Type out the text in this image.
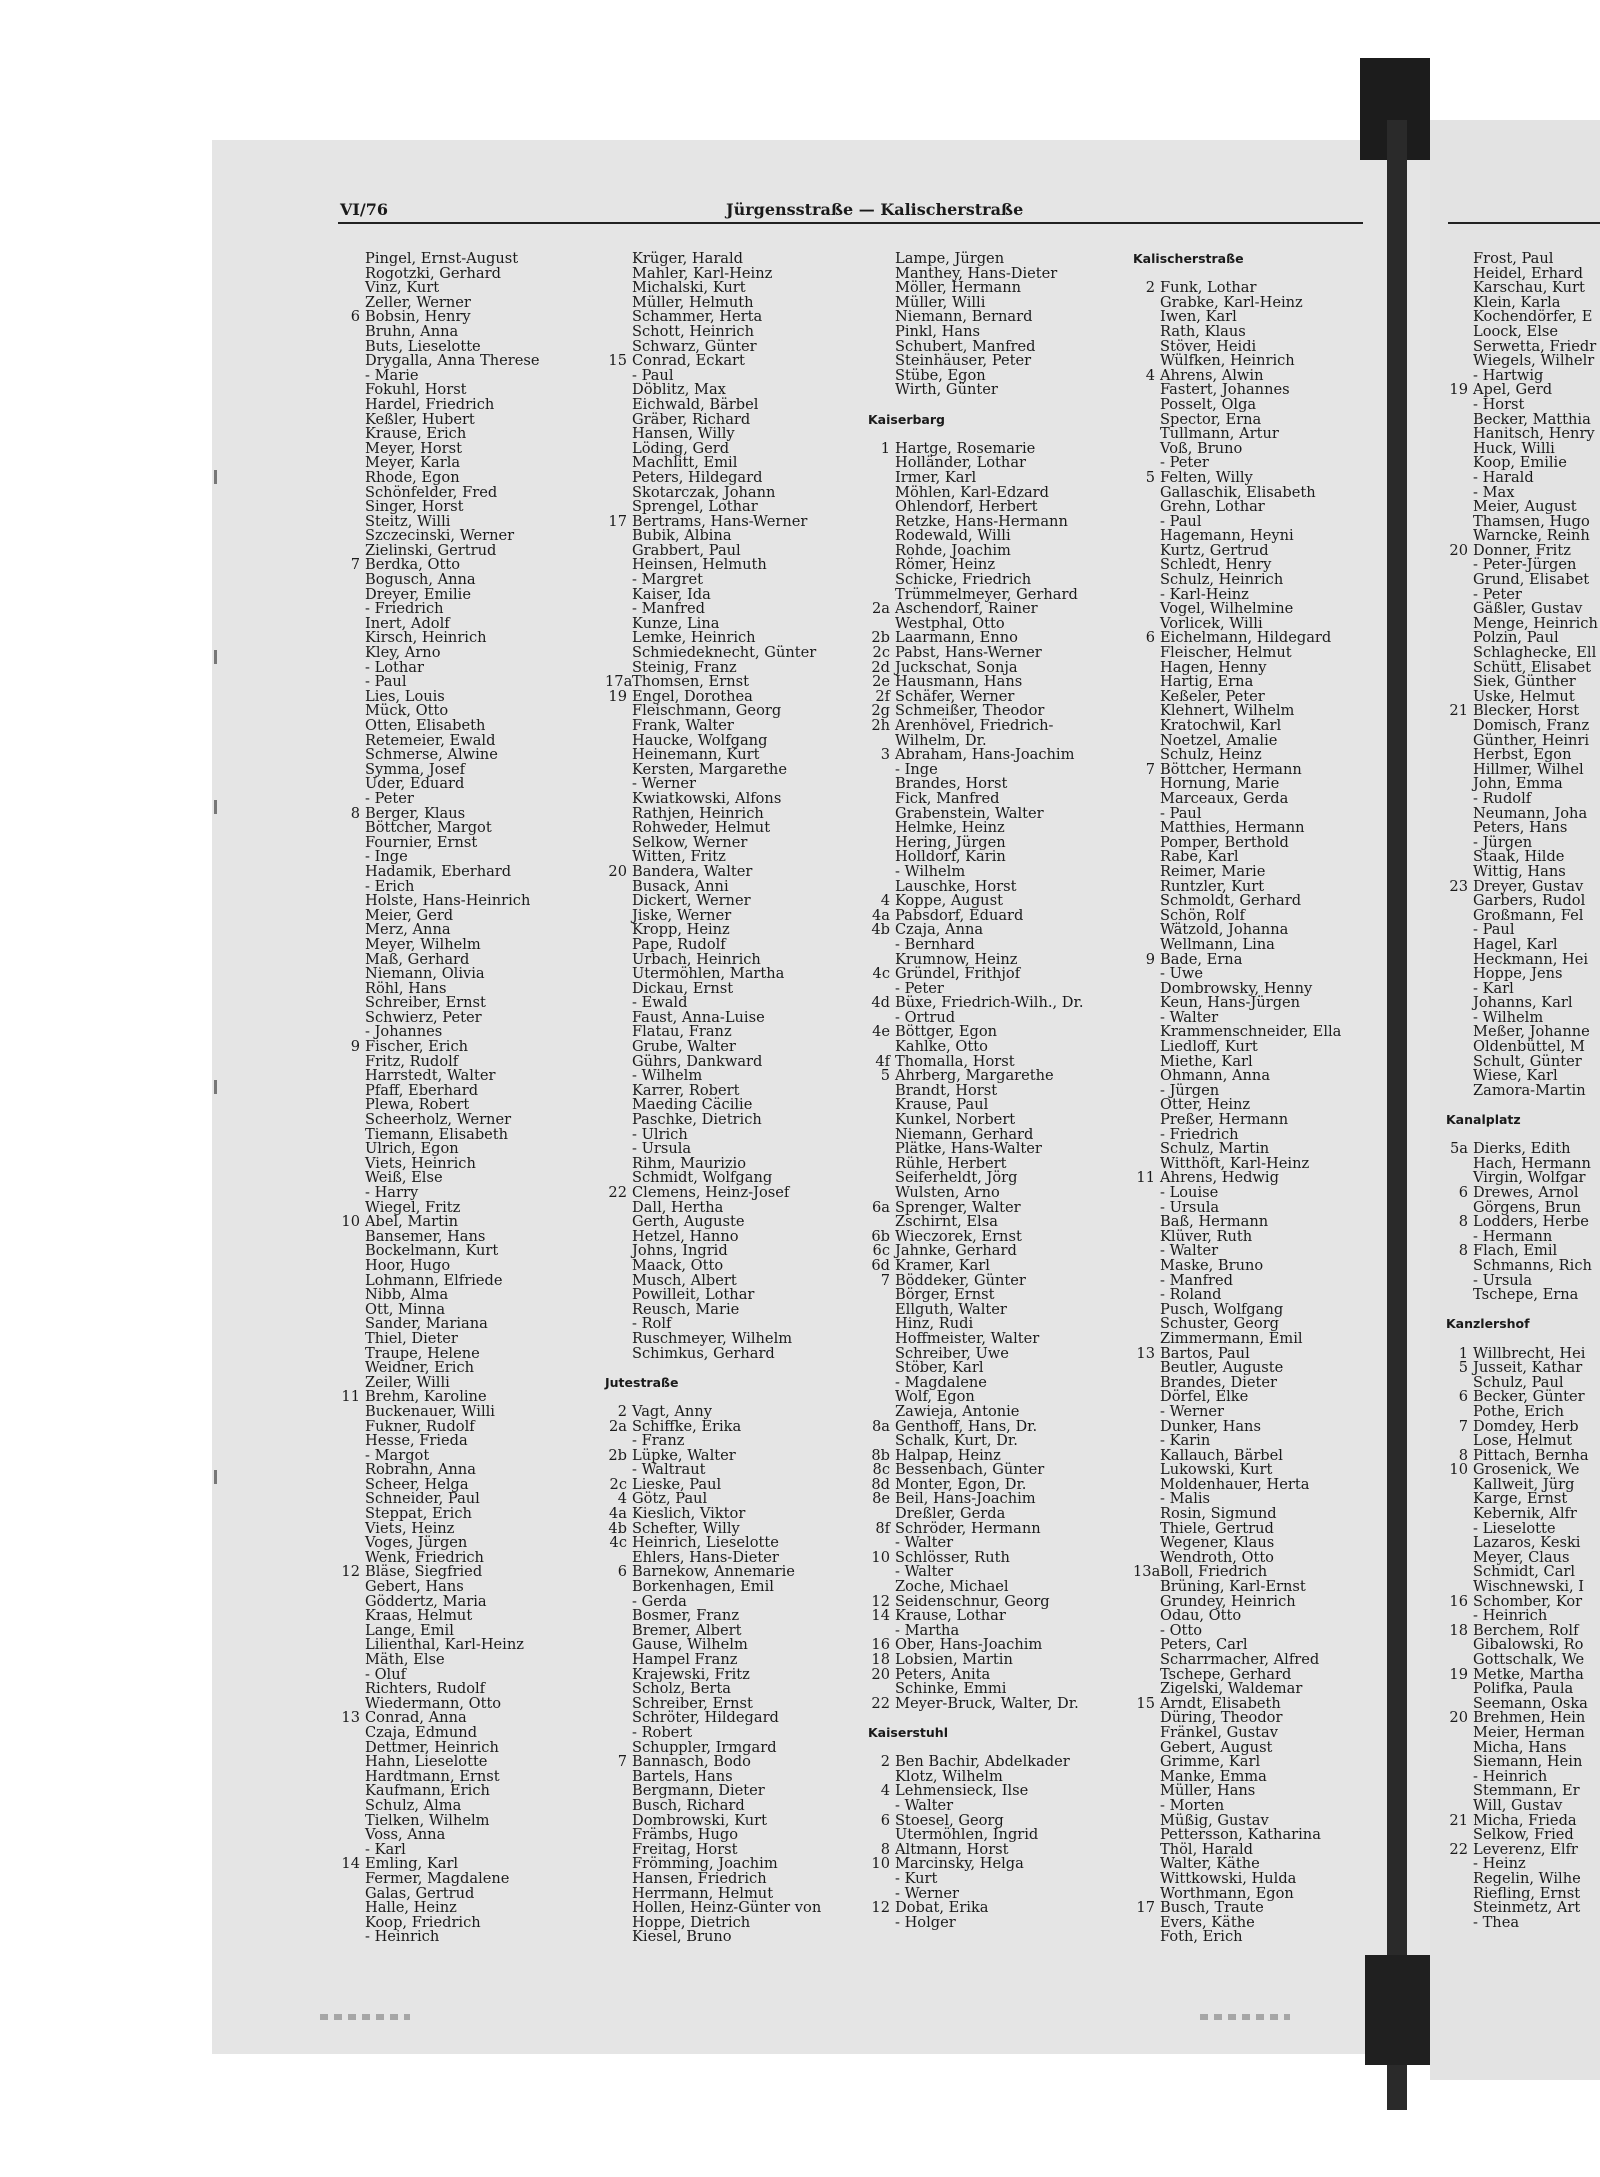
VI/76	Jürgensstraße — Kalischerstraße
Pingel, Ernst-August
Rogotzki, Gerhard
Vinz, Kurt
Zeller, Werner
6 Bobsin, Henry
Bruhn, Anna
Buts, Lieselotte
Drygalla, Anna Therese
- Marie
Fokuhl, Horst
Hardel, Friedrich
Keßler, Hubert
Krause, Erich
Meyer, Horst
Meyer, Karla
Rhode, Egon
Schönfelder, Fred
Singer, Horst
Steitz, Willi
Szczecinski, Werner
Zielinski, Gertrud
7 Berdka, Otto
Bogusch, Anna
Dreyer, Emilie
- Friedrich
Inert, Adolf
Kirsch, Heinrich
Kley, Arno
- Lothar
- Paul
Lies, Louis
Mück, Otto
Otten, Elisabeth
Retemeier, Ewald
Schmerse, Alwine
Symma, Josef
Uder, Eduard
- Peter
8 Berger, Klaus
Böttcher, Margot
Fournier, Ernst
- Inge
Hadamik, Eberhard
- Erich
Holste, Hans-Heinrich
Meier, Gerd
Merz, Anna
Meyer, Wilhelm
Maß, Gerhard
Niemann, Olivia
Röhl, Hans
Schreiber, Ernst
Schwierz, Peter
- Johannes
9 Fischer, Erich
Fritz, Rudolf
Harrstedt, Walter
Pfaff, Eberhard
Plewa, Robert
Scheerholz, Werner
Tiemann, Elisabeth
Ulrich, Egon
Viets, Heinrich
Weiß, Else
- Harry
Wiegel, Fritz
10 Abel, Martin
Bansemer, Hans
Bockelmann, Kurt
Hoor, Hugo
Lohmann, Elfriede
Nibb, Alma
Ott, Minna
Sander, Mariana
Thiel, Dieter
Traupe, Helene
Weidner, Erich
Zeiler, Willi
11 Brehm, Karoline
Buckenauer, Willi
Fukner, Rudolf
Hesse, Frieda
- Margot
Robrahn, Anna
Scheer, Helga
Schneider, Paul
Steppat, Erich
Viets, Heinz
Voges, Jürgen
Wenk, Friedrich
12 Bläse, Siegfried
Gebert, Hans
Göddertz, Maria
Kraas, Helmut
Lange, Emil
Lilienthal, Karl-Heinz
Mäth, Else
- Oluf
Richters, Rudolf
Wiedermann, Otto
13 Conrad, Anna
Czaja, Edmund
Dettmer, Heinrich
Hahn, Lieselotte
Hardtmann, Ernst
Kaufmann, Erich
Schulz, Alma
Tielken, Wilhelm
Voss, Anna
- Karl
14 Emling, Karl
Fermer, Magdalene
Galas, Gertrud
Halle, Heinz
Koop, Friedrich
- Heinrich
Krüger, Harald
Mahler, Karl-Heinz
Michalski, Kurt
Müller, Helmuth
Schammer, Herta
Schott, Heinrich
Schwarz, Günter
15 Conrad, Eckart
- Paul
Döblitz, Max
Eichwald, Bärbel
Gräber, Richard
Hansen, Willy
Löding, Gerd
Machlitt, Emil
Peters, Hildegard
Skotarczak, Johann
Sprengel, Lothar
17 Bertrams, Hans-Werner
Bubik, Albina
Grabbert, Paul
Heinsen, Helmuth
- Margret
Kaiser, Ida
- Manfred
Kunze, Lina
Lemke, Heinrich
Schmiedeknecht, Günter
Steinig, Franz
17a Thomsen, Ernst
19 Engel, Dorothea
Fleischmann, Georg
Frank, Walter
Haucke, Wolfgang
Heinemann, Kurt
Kersten, Margarethe
- Werner
Kwiatkowski, Alfons
Rathjen, Heinrich
Rohweder, Helmut
Selkow, Werner
Witten, Fritz
20 Bandera, Walter
Busack, Anni
Dickert, Werner
Jiske, Werner
Kropp, Heinz
Pape, Rudolf
Urbach, Heinrich
Utermöhlen, Martha
Dickau, Ernst
- Ewald
Faust, Anna-Luise
Flatau, Franz
Grube, Walter
Gührs, Dankward
- Wilhelm
Karrer, Robert
Maeding Cäcilie
Paschke, Dietrich
- Ulrich
- Ursula
Rihm, Maurizio
Schmidt, Wolfgang
22 Clemens, Heinz-Josef
Dall, Hertha
Gerth, Auguste
Hetzel, Hanno
Johns, Ingrid
Maack, Otto
Musch, Albert
Powilleit, Lothar
Reusch, Marie
- Rolf
Ruschmeyer, Wilhelm
Schimkus, Gerhard
Jutestraße
2 Vagt, Anny
2a Schiffke, Erika
- Franz
2b Lüpke, Walter
- Waltraut
2c Lieske, Paul
4 Götz, Paul
4a Kieslich, Viktor
4b Schefter, Willy
4c Heinrich, Lieselotte
Ehlers, Hans-Dieter
6 Barnekow, Annemarie
Borkenhagen, Emil
- Gerda
Bosmer, Franz
Bremer, Albert
Gause, Wilhelm
Hampel Franz
Krajewski, Fritz
Scholz, Berta
Schreiber, Ernst
Schröter, Hildegard
- Robert
Schuppler, Irmgard
7 Bannasch, Bodo
Bartels, Hans
Bergmann, Dieter
Busch, Richard
Dombrowski, Kurt
Främbs, Hugo
Freitag, Horst
Frömming, Joachim
Hansen, Friedrich
Herrmann, Helmut
Hollen, Heinz-Günter von
Hoppe, Dietrich
Kiesel, Bruno
Lampe, Jürgen
Manthey, Hans-Dieter
Möller, Hermann
Müller, Willi
Niemann, Bernard
Pinkl, Hans
Schubert, Manfred
Steinhäuser, Peter
Stübe, Egon
Wirth, Günter
Kaiserbarg
1 Hartge, Rosemarie
Holländer, Lothar
Irmer, Karl
Möhlen, Karl-Edzard
Ohlendorf, Herbert
Retzke, Hans-Hermann
Rodewald, Willi
Rohde, Joachim
Römer, Heinz
Schicke, Friedrich
Trümmelmeyer, Gerhard
2a Aschendorf, Rainer
Westphal, Otto
2b Laarmann, Enno
2c Pabst, Hans-Werner
2d Juckschat, Sonja
2e Hausmann, Hans
2f Schäfer, Werner
2g Schmeißer, Theodor
2h Arenhövel, Friedrich-
Wilhelm, Dr.
3 Abraham, Hans-Joachim
- Inge
Brandes, Horst
Fick, Manfred
Grabenstein, Walter
Helmke, Heinz
Hering, Jürgen
Holldorf, Karin
- Wilhelm
Lauschke, Horst
4 Koppe, August
4a Pabsdorf, Eduard
4b Czaja, Anna
- Bernhard
Krumnow, Heinz
4c Gründel, Frithjof
- Peter
4d Büxe, Friedrich-Wilh., Dr.
- Ortrud
4e Böttger, Egon
Kahlke, Otto
4f Thomalla, Horst
5 Ahrberg, Margarethe
Brandt, Horst
Krause, Paul
Kunkel, Norbert
Niemann, Gerhard
Plätke, Hans-Walter
Rühle, Herbert
Seiferheldt, Jörg
Wulsten, Arno
6a Sprenger, Walter
Zschirnt, Elsa
6b Wieczorek, Ernst
6c Jahnke, Gerhard
6d Kramer, Karl
7 Böddeker, Günter
Börger, Ernst
Ellguth, Walter
Hinz, Rudi
Hoffmeister, Walter
Schreiber, Uwe
Stöber, Karl
- Magdalene
Wolf, Egon
Zawieja, Antonie
8a Genthoff, Hans, Dr.
Schalk, Kurt, Dr.
8b Halpap, Heinz
8c Bessenbach, Günter
8d Monter, Egon, Dr.
8e Beil, Hans-Joachim
Dreßler, Gerda
8f Schröder, Hermann
- Walter
10 Schlösser, Ruth
- Walter
Zoche, Michael
12 Seidenschnur, Georg
14 Krause, Lothar
- Martha
16 Ober, Hans-Joachim
18 Lobsien, Martin
20 Peters, Anita
Schinke, Emmi
22 Meyer-Bruck, Walter, Dr.
Kaiserstuhl
2 Ben Bachir, Abdelkader
Klotz, Wilhelm
4 Lehmensieck, Ilse
- Walter
6 Stoesel, Georg
Utermöhlen, Ingrid
8 Altmann, Horst
10 Marcinsky, Helga
- Kurt
- Werner
12 Dobat, Erika
- Holger
Kalischerstraße
2 Funk, Lothar
Grabke, Karl-Heinz
Iwen, Karl
Rath, Klaus
Stöver, Heidi
Wülfken, Heinrich
4 Ahrens, Alwin
Fastert, Johannes
Posselt, Olga
Spector, Erna
Tullmann, Artur
Voß, Bruno
- Peter
5 Felten, Willy
Gallaschik, Elisabeth
Grehn, Lothar
- Paul
Hagemann, Heyni
Kurtz, Gertrud
Schledt, Henry
Schulz, Heinrich
- Karl-Heinz
Vogel, Wilhelmine
Vorlicek, Willi
6 Eichelmann, Hildegard
Fleischer, Helmut
Hagen, Henny
Hartig, Erna
Keßeler, Peter
Klehnert, Wilhelm
Kratochwil, Karl
Noetzel, Amalie
Schulz, Heinz
7 Böttcher, Hermann
Hornung, Marie
Marceaux, Gerda
- Paul
Matthies, Hermann
Pomper, Berthold
Rabe, Karl
Reimer, Marie
Runtzler, Kurt
Schmoldt, Gerhard
Schön, Rolf
Wätzold, Johanna
Wellmann, Lina
9 Bade, Erna
- Uwe
Dombrowsky, Henny
Keun, Hans-Jürgen
- Walter
Krammenschneider, Ella
Liedloff, Kurt
Miethe, Karl
Ohmann, Anna
- Jürgen
Otter, Heinz
Preßer, Hermann
- Friedrich
Schulz, Martin
Witthöft, Karl-Heinz
11 Ahrens, Hedwig
- Louise
- Ursula
Baß, Hermann
Klüver, Ruth
- Walter
Maske, Bruno
- Manfred
- Roland
Pusch, Wolfgang
Schuster, Georg
Zimmermann, Emil
13 Bartos, Paul
Beutler, Auguste
Brandes, Dieter
Dörfel, Elke
- Werner
Dunker, Hans
- Karin
Kallauch, Bärbel
Lukowski, Kurt
Moldenhauer, Herta
- Malis
Rosin, Sigmund
Thiele, Gertrud
Wegener, Klaus
Wendroth, Otto
13a Boll, Friedrich
Brüning, Karl-Ernst
Grundey, Heinrich
Odau, Otto
- Otto
Peters, Carl
Scharrmacher, Alfred
Tschepe, Gerhard
Zigelski, Waldemar
15 Arndt, Elisabeth
Düring, Theodor
Fränkel, Gustav
Gebert, August
Grimme, Karl
Manke, Emma
Müller, Hans
- Morten
Müßig, Gustav
Pettersson, Katharina
Thöl, Harald
Walter, Käthe
Wittkowski, Hulda
Worthmann, Egon
17 Busch, Traute
Evers, Käthe
Foth, Erich
Frost, Paul
Heidel, Erhard
Karschau, Kurt
Klein, Karla
Kochendörfer, E
Loock, Else
Serwetta, Friedr
Wiegels, Wilhelr
- Hartwig
19 Apel, Gerd
- Horst
Becker, Matthia
Hanitsch, Henry
Huck, Willi
Koop, Emilie
- Harald
- Max
Meier, August
Thamsen, Hugo
Warncke, Reinh
20 Donner, Fritz
- Peter-Jürgen
Grund, Elisabet
- Peter
Gäßler, Gustav
Menge, Heinrich
Polzin, Paul
Schlaghecke, Ell
Schütt, Elisabet
Siek, Günther
Uske, Helmut
21 Blecker, Horst
Domisch, Franz
Günther, Heinri
Herbst, Egon
Hillmer, Wilhel
John, Emma
- Rudolf
Neumann, Joha
Peters, Hans
- Jürgen
Staak, Hilde
Wittig, Hans
23 Dreyer, Gustav
Garbers, Rudol
Großmann, Fel
- Paul
Hagel, Karl
Heckmann, Hei
Hoppe, Jens
- Karl
Johanns, Karl
- Wilhelm
Meßer, Johanne
Oldenbüttel, M
Schult, Günter
Wiese, Karl
Zamora-Martin
Kanalplatz
5a Dierks, Edith
Hach, Hermann
Virgin, Wolfgar
6 Drewes, Arnol
Görgens, Brun
8 Lodders, Herbe
- Hermann
8 Flach, Emil
Schmanns, Rich
- Ursula
Tschepe, Erna
Kanzlershof
1 Willbrecht, Hei
5 Jusseit, Kathar
Schulz, Paul
6 Becker, Günter
Pothe, Erich
7 Domdey, Herb
Lose, Helmut
8 Pittach, Bernha
10 Grosenick, We
Kallweit, Jürg
Karge, Ernst
Kebernik, Alfr
- Lieselotte
Lazaros, Keski
Meyer, Claus
Schmidt, Carl
Wischnewski, I
16 Schomber, Kor
- Heinrich
18 Berchem, Rolf
Gibalowski, Ro
Gottschalk, We
19 Metke, Martha
Polifka, Paula
Seemann, Oska
20 Brehmen, Hein
Meier, Herman
Micha, Hans
Siemann, Hein
- Heinrich
Stemmann, Er
Will, Gustav
21 Micha, Frieda
Selkow, Fried
22 Leverenz, Elfr
- Heinz
Regelin, Wilhe
Riefling, Ernst
Steinmetz, Art
- Thea
